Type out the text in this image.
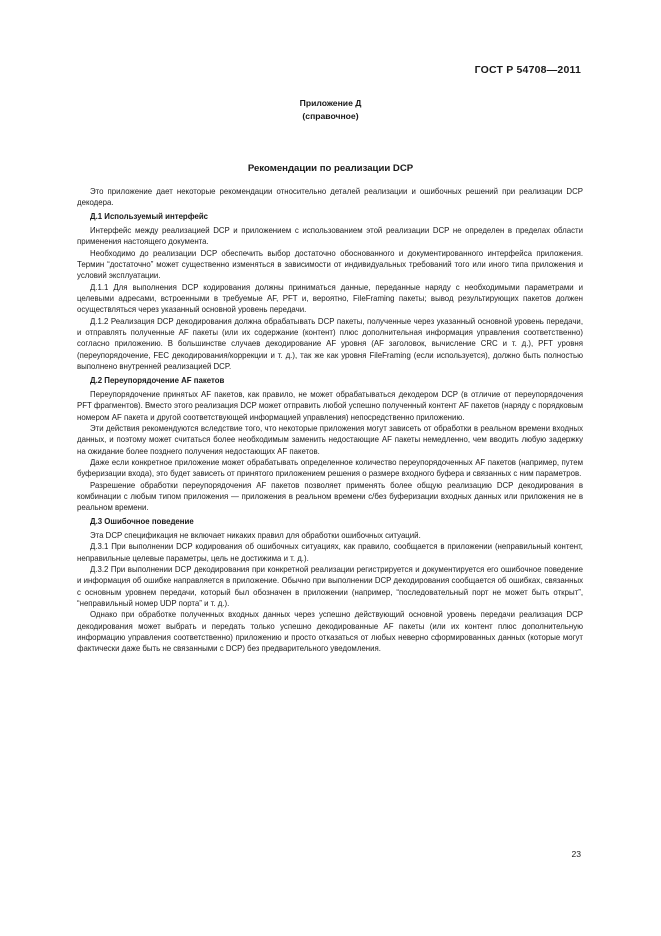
ГОСТ Р 54708—2011
Приложение Д
(справочное)
Рекомендации по реализации DCP

Это приложение дает некоторые рекомендации относительно деталей реализации и ошибочных решений при реализации DCP декодера.

Д.1 Используемый интерфейс

Интерфейс между реализацией DCP и приложением с использованием этой реализации DCP не определен в пределах области применения настоящего документа.

Необходимо до реализации DCP обеспечить выбор достаточно обоснованного и документированного интерфейса приложения. Термин “достаточно” может существенно изменяться в зависимости от индивидуальных требований того или иного типа приложения и условий эксплуатации.

Д.1.1 Для выполнения DCP кодирования должны приниматься данные, переданные наряду с необходимыми параметрами и целевыми адресами, встроенными в требуемые AF, PFT и, вероятно, FileFraming пакеты; вывод результирующих пакетов должен осуществляться через указанный основной уровень передачи.

Д.1.2 Реализация DCP декодирования должна обрабатывать DCP пакеты, полученные через указанный основной уровень передачи, и отправлять полученные AF пакеты (или их содержание (контент) плюс дополнительная информация управления соответственно) согласно приложению. В большинстве случаев декодирование AF уровня (AF заголовок, вычисление CRC и т. д.), PFT уровня (переупорядочение, FEC декодирования/коррекции и т. д.), так же как уровня FileFraming (если используется), должно быть полностью выполнено внутренней реализацией DCP.

Д.2 Переупорядочение AF пакетов

Переупорядочение принятых AF пакетов, как правило, не может обрабатываться декодером DCP (в отличие от переупорядочения PFT фрагментов). Вместо этого реализация DCP может отправить любой успешно полученный контент AF пакетов (наряду с порядковым номером AF пакета и другой соответствующей информацией управления) непосредственно приложению.

Эти действия рекомендуются вследствие того, что некоторые приложения могут зависеть от обработки в реальном времени входных данных, и поэтому может считаться более необходимым заменить недостающие AF пакеты немедленно, чем вводить любую задержку на ожидание более позднего получения недостающих AF пакетов.

Даже если конкретное приложение может обрабатывать определенное количество переупорядоченных AF пакетов (например, путем буферизации входа), это будет зависеть от принятого приложением решения о размере входного буфера и связанных с ним параметров.

Разрешение обработки переупорядочения AF пакетов позволяет применять более общую реализацию DCP декодирования в комбинации с любым типом приложения — приложения в реальном времени с/без буферизации входных данных или приложения не в реальном времени.

Д.3 Ошибочное поведение

Эта DCP спецификация не включает никаких правил для обработки ошибочных ситуаций.

Д.3.1 При выполнении DCP кодирования об ошибочных ситуациях, как правило, сообщается в приложении (неправильный контент, неправильные целевые параметры, цель не достижима и т. д.).

Д.3.2 При выполнении DCP декодирования при конкретной реализации регистрируется и документируется его ошибочное поведение и информация об ошибке направляется в приложение. Обычно при выполнении DCP декодирования сообщается об ошибках, связанных с основным уровнем передачи, который был обозначен в приложении (например, “последовательный порт не может быть открыт”, “неправильный номер UDP порта” и т. д.).

Однако при обработке полученных входных данных через успешно действующий основной уровень передачи реализация DCP декодирования может выбрать и передать только успешно декодированные AF пакеты (или их контент плюс дополнительную информацию управления соответственно) приложению и просто отказаться от любых неверно сформированных данных (которые могут фактически даже быть не связанными с DCP) без предварительного уведомления.

23
